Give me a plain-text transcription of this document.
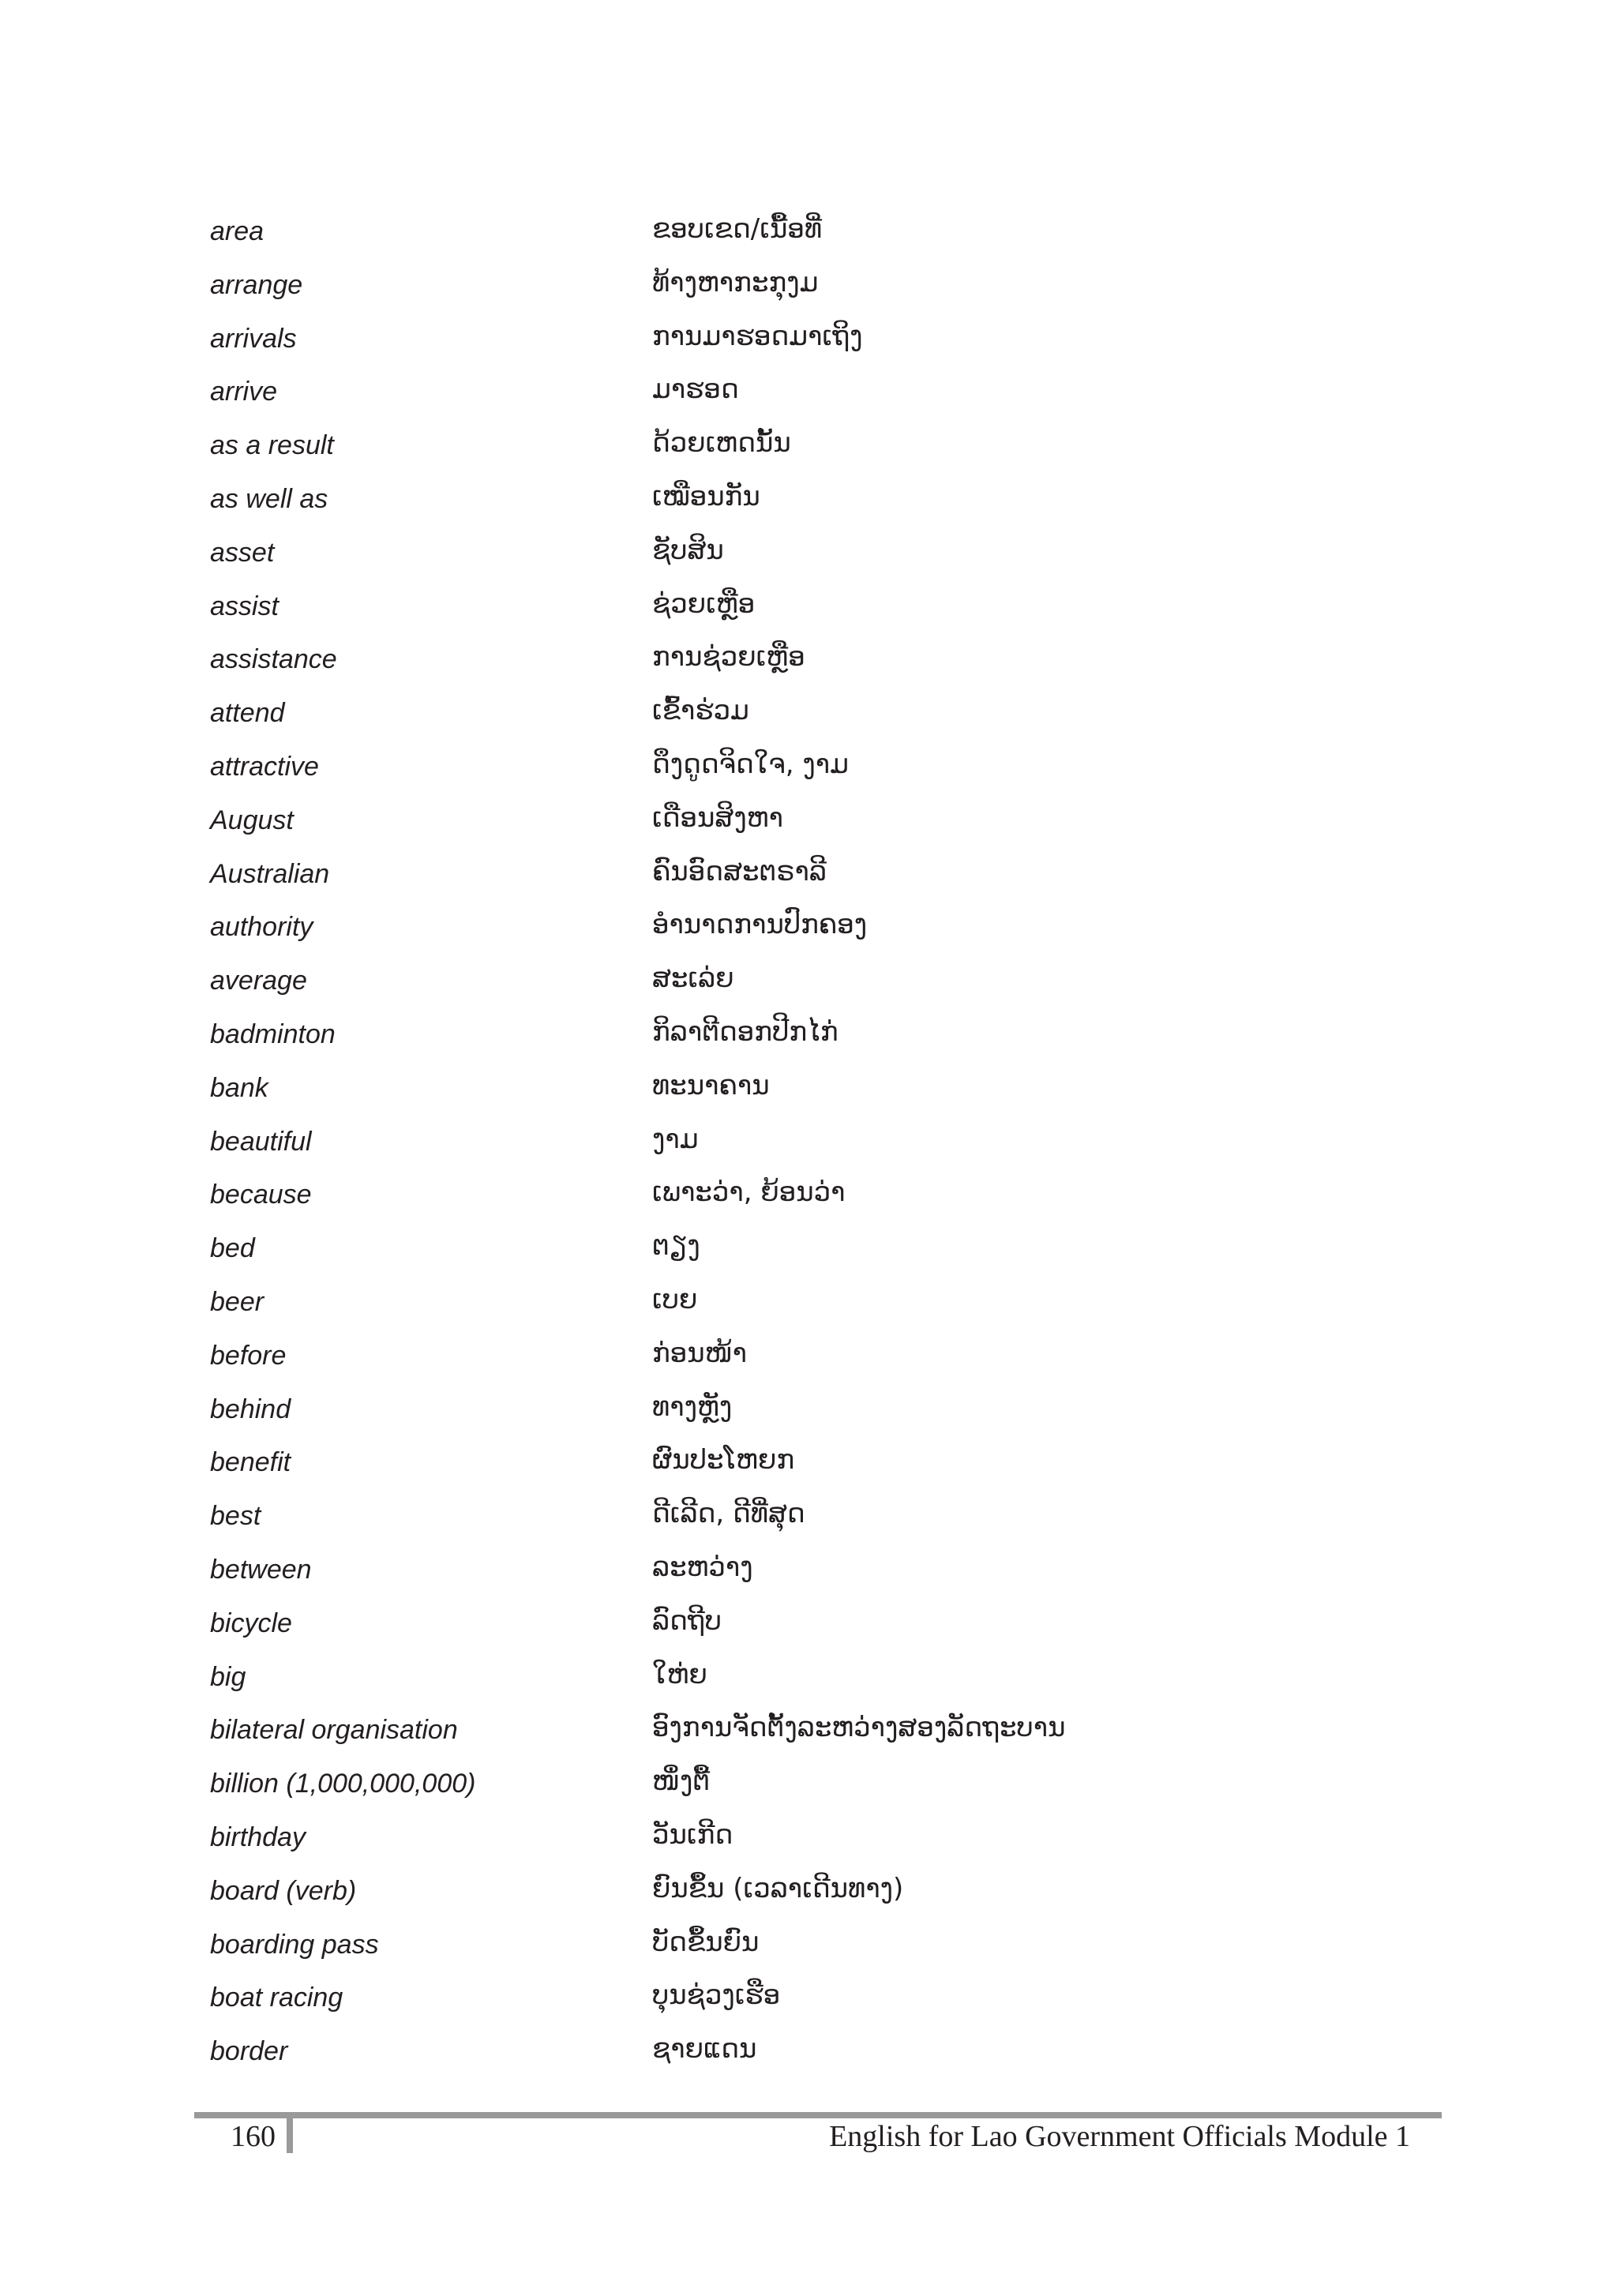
area	ຂອບເຂດ/ເນື້ອທີ່
arrange	ທ້າງຫາກະກຸງມ
arrivals	ການມາຮອດມາເຖິງ
arrive	ມາຮອດ
as a result	ດ້ວຍເຫດນັ້ນ
as well as	ເໝືອນກັນ
asset	ຊັບສິນ
assist	ຊ່ວຍເຫຼືອ
assistance	ການຊ່ວຍເຫຼືອ
attend	ເຂົ້າຮ່ວມ
attractive	ດຶງດູດຈິດໃຈ, ງາມ
August	ເດືອນສິງຫາ
Australian	ຄົນອົດສະຕຣາລີ
authority	ອຳນາດການປົກຄອງ
average	ສະເລ່ຍ
badminton	ກິລາຕີດອກປີກໄກ່
bank	ທະນາຄານ
beautiful	ງາມ
because	ເພາະວ່າ, ຍ້ອນວ່າ
bed	ຕຽງ
beer	ເບຍ
before	ກ່ອນໜ້າ
behind	ທາງຫຼັງ
benefit	ຜົນປະໂຫຍກ
best	ດີເລີດ, ດີທີ່ສຸດ
between	ລະຫວ່າງ
bicycle	ລົດຖີບ
big	ໃຫ່ຍ
bilateral organisation	ອົງການຈັດຕັ້ງລະຫວ່າງສອງລັດຖະບານ
billion (1,000,000,000)	ໜຶ່ງຕື້
birthday	ວັນເກີດ
board (verb)	ຍົນຂຶ້ນ (ເວລາເດີນທາງ)
boarding pass	ບັດຂຶ້ນຍົນ
boat racing	ບຸນຊ່ວງເຮືອ
border	ຊາຍແດນ
160	English for Lao Government Officials Module 1
